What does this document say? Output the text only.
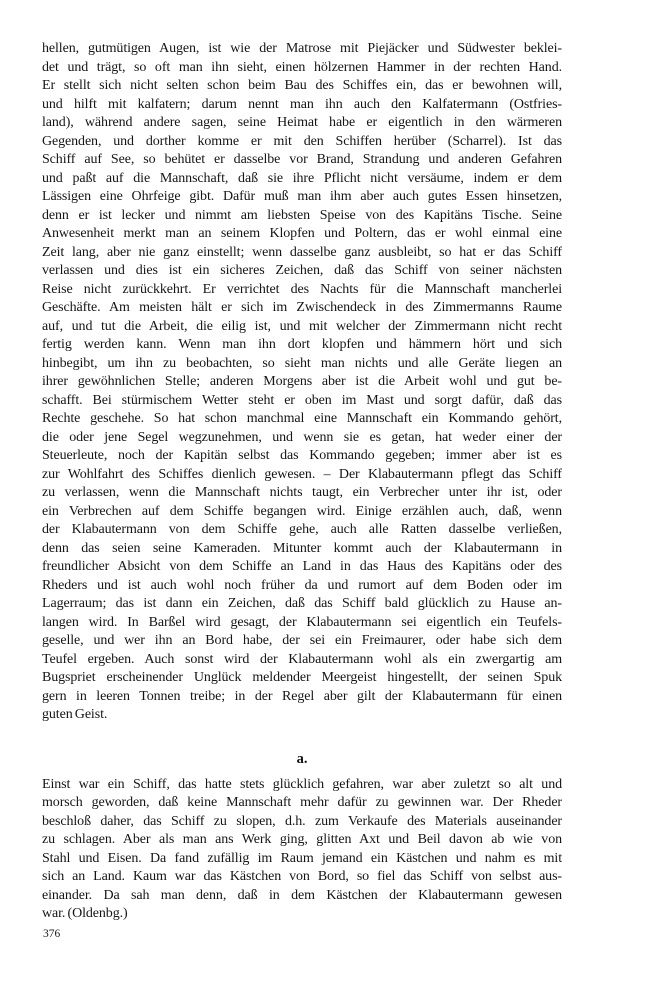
hellen, gutmütigen Augen, ist wie der Matrose mit Piejäcker und Südwester beklei-
det und trägt, so oft man ihn sieht, einen hölzernen Hammer in der rechten Hand.
Er stellt sich nicht selten schon beim Bau des Schiffes ein, das er bewohnen will,
und hilft mit kalfatern; darum nennt man ihn auch den Kalfatermann (Ostfries-
land), während andere sagen, seine Heimat habe er eigentlich in den wärmeren
Gegenden, und dorther komme er mit den Schiffen herüber (Scharrel). Ist das
Schiff auf See, so behütet er dasselbe vor Brand, Strandung und anderen Gefahren
und paßt auf die Mannschaft, daß sie ihre Pflicht nicht versäume, indem er dem
Lässigen eine Ohrfeige gibt. Dafür muß man ihm aber auch gutes Essen hinsetzen,
denn er ist lecker und nimmt am liebsten Speise von des Kapitäns Tische. Seine
Anwesenheit merkt man an seinem Klopfen und Poltern, das er wohl einmal eine
Zeit lang, aber nie ganz einstellt; wenn dasselbe ganz ausbleibt, so hat er das Schiff
verlassen und dies ist ein sicheres Zeichen, daß das Schiff von seiner nächsten
Reise nicht zurückkehrt. Er verrichtet des Nachts für die Mannschaft mancherlei
Geschäfte. Am meisten hält er sich im Zwischendeck in des Zimmermanns Raume
auf, und tut die Arbeit, die eilig ist, und mit welcher der Zimmermann nicht recht
fertig werden kann. Wenn man ihn dort klopfen und hämmern hört und sich
hinbegibt, um ihn zu beobachten, so sieht man nichts und alle Geräte liegen an
ihrer gewöhnlichen Stelle; anderen Morgens aber ist die Arbeit wohl und gut be-
schafft. Bei stürmischem Wetter steht er oben im Mast und sorgt dafür, daß das
Rechte geschehe. So hat schon manchmal eine Mannschaft ein Kommando gehört,
die oder jene Segel wegzunehmen, und wenn sie es getan, hat weder einer der
Steuerleute, noch der Kapitän selbst das Kommando gegeben; immer aber ist es
zur Wohlfahrt des Schiffes dienlich gewesen. – Der Klabautermann pflegt das Schiff
zu verlassen, wenn die Mannschaft nichts taugt, ein Verbrecher unter ihr ist, oder
ein Verbrechen auf dem Schiffe begangen wird. Einige erzählen auch, daß, wenn
der Klabautermann von dem Schiffe gehe, auch alle Ratten dasselbe verließen,
denn das seien seine Kameraden. Mitunter kommt auch der Klabautermann in
freundlicher Absicht von dem Schiffe an Land in das Haus des Kapitäns oder des
Rheders und ist auch wohl noch früher da und rumort auf dem Boden oder im
Lagerraum; das ist dann ein Zeichen, daß das Schiff bald glücklich zu Hause an-
langen wird. In Barßel wird gesagt, der Klabautermann sei eigentlich ein Teufels-
geselle, und wer ihn an Bord habe, der sei ein Freimaurer, oder habe sich dem
Teufel ergeben. Auch sonst wird der Klabautermann wohl als ein zwergartig am
Bugspriet erscheinender Unglück meldender Meergeist hingestellt, der seinen Spuk
gern in leeren Tonnen treibe; in der Regel aber gilt der Klabautermann für einen
guten Geist.
a.
Einst war ein Schiff, das hatte stets glücklich gefahren, war aber zuletzt so alt und
morsch geworden, daß keine Mannschaft mehr dafür zu gewinnen war. Der Rheder
beschloß daher, das Schiff zu slopen, d.h. zum Verkaufe des Materials auseinander
zu schlagen. Aber als man ans Werk ging, glitten Axt und Beil davon ab wie von
Stahl und Eisen. Da fand zufällig im Raum jemand ein Kästchen und nahm es mit
sich an Land. Kaum war das Kästchen von Bord, so fiel das Schiff von selbst aus-
einander. Da sah man denn, daß in dem Kästchen der Klabautermann gewesen
war. (Oldenbg.)
376
